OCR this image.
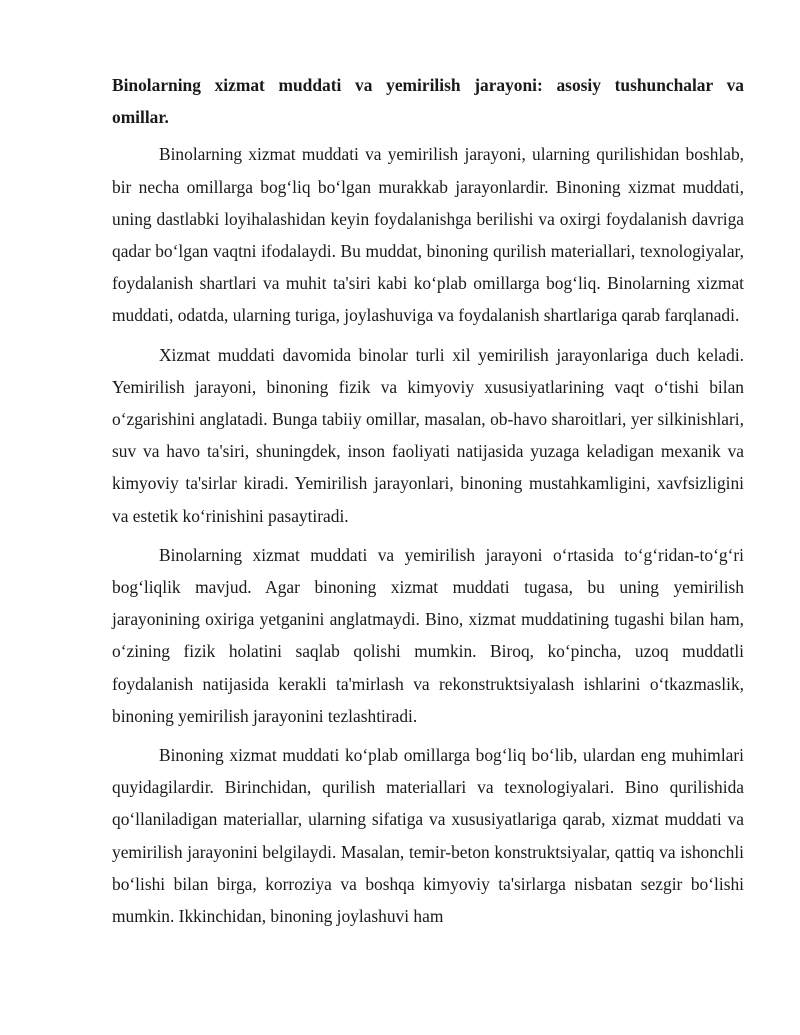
Binolarning xizmat muddati va yemirilish jarayoni: asosiy tushunchalar va omillar.

Binolarning xizmat muddati va yemirilish jarayoni, ularning qurilishidan boshlab, bir necha omillarga bog‘liq bo‘lgan murakkab jarayonlardir. Binoning xizmat muddati, uning dastlabki loyihalashidan keyin foydalanishga berilishi va oxirgi foydalanish davriga qadar bo‘lgan vaqtni ifodalaydi. Bu muddat, binoning qurilish materiallari, texnologiyalar, foydalanish shartlari va muhit ta'siri kabi ko‘plab omillarga bog‘liq. Binolarning xizmat muddati, odatda, ularning turiga, joylashuviga va foydalanish shartlariga qarab farqlanadi.

Xizmat muddati davomida binolar turli xil yemirilish jarayonlariga duch keladi. Yemirilish jarayoni, binoning fizik va kimyoviy xususiyatlarining vaqt o‘tishi bilan o‘zgarishini anglatadi. Bunga tabiiy omillar, masalan, ob-havo sharoitlari, yer silkinishlari, suv va havo ta'siri, shuningdek, inson faoliyati natijasida yuzaga keladigan mexanik va kimyoviy ta'sirlar kiradi. Yemirilish jarayonlari, binoning mustahkamligini, xavfsizligini va estetik ko‘rinishini pasaytiradi.

Binolarning xizmat muddati va yemirilish jarayoni o‘rtasida to‘g‘ridan-to‘g‘ri bog‘liqlik mavjud. Agar binoning xizmat muddati tugasa, bu uning yemirilish jarayonining oxiriga yetganini anglatmaydi. Bino, xizmat muddatining tugashi bilan ham, o‘zining fizik holatini saqlab qolishi mumkin. Biroq, ko‘pincha, uzoq muddatli foydalanish natijasida kerakli ta'mirlash va rekonstruktsiyalash ishlarini o‘tkazmaslik, binoning yemirilish jarayonini tezlashtiradi.

Binoning xizmat muddati ko‘plab omillarga bog‘liq bo‘lib, ulardan eng muhimlari quyidagilardir. Birinchidan, qurilish materiallari va texnologiyalari. Bino qurilishida qo‘llaniladigan materiallar, ularning sifatiga va xususiyatlariga qarab, xizmat muddati va yemirilish jarayonini belgilaydi. Masalan, temir-beton konstruktsiyalar, qattiq va ishonchli bo‘lishi bilan birga, korroziya va boshqa kimyoviy ta'sirlarga nisbatan sezgir bo‘lishi mumkin. Ikkinchidan, binoning joylashuvi ham
